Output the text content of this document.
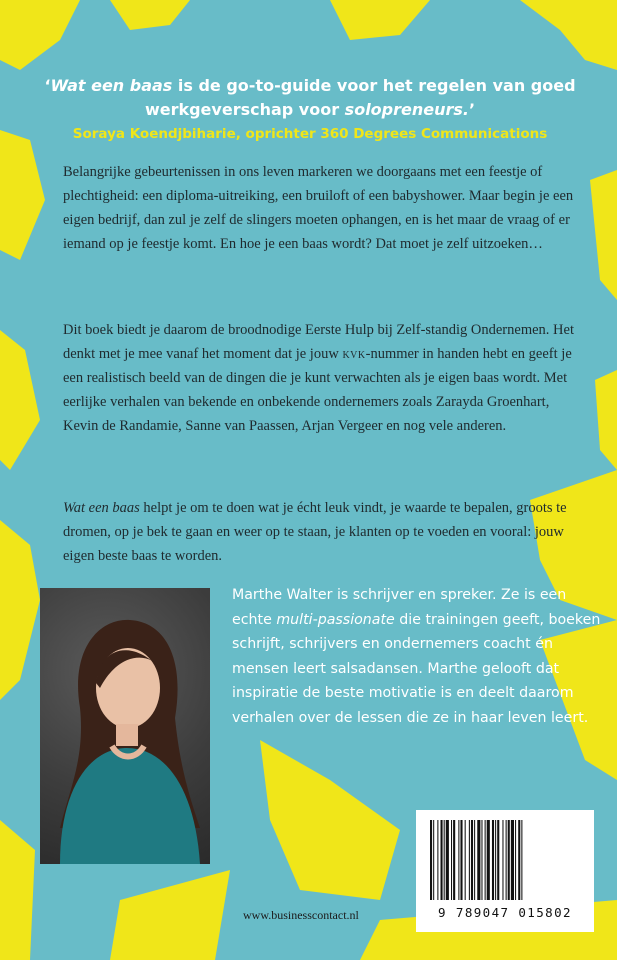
‘Wat een baas is de go-to-guide voor het regelen van goed werkgeverschap voor solopreneurs.’
Soraya Koendjbiharie, oprichter 360 Degrees Communications
Belangrijke gebeurtenissen in ons leven markeren we doorgaans met een feestje of plechtigheid: een diploma-uitreiking, een bruiloft of een babyshower. Maar begin je een eigen bedrijf, dan zul je zelf de slingers moeten ophangen, en is het maar de vraag of er iemand op je feestje komt. En hoe je een baas wordt? Dat moet je zelf uitzoeken…
Dit boek biedt je daarom de broodnodige Eerste Hulp bij Zelf-standig Ondernemen. Het denkt met je mee vanaf het moment dat je jouw kvk-nummer in handen hebt en geeft je een realistisch beeld van de dingen die je kunt verwachten als je eigen baas wordt. Met eerlijke verhalen van bekende en onbekende ondernemers zoals Zarayda Groenhart, Kevin de Randamie, Sanne van Paassen, Arjan Vergeer en nog vele anderen.
Wat een baas helpt je om te doen wat je écht leuk vindt, je waarde te bepalen, groots te dromen, op je bek te gaan en weer op te staan, je klanten op te voeden en vooral: jouw eigen beste baas te worden.
Marthe Walter is schrijver en spreker. Ze is een echte multi-passionate die trainingen geeft, boeken schrijft, schrijvers en ondernemers coacht én mensen leert salsadansen. Marthe gelooft dat inspiratie de beste motivatie is en deelt daarom verhalen over de lessen die ze in haar leven leert.
9 789047 015802
www.businesscontact.nl
